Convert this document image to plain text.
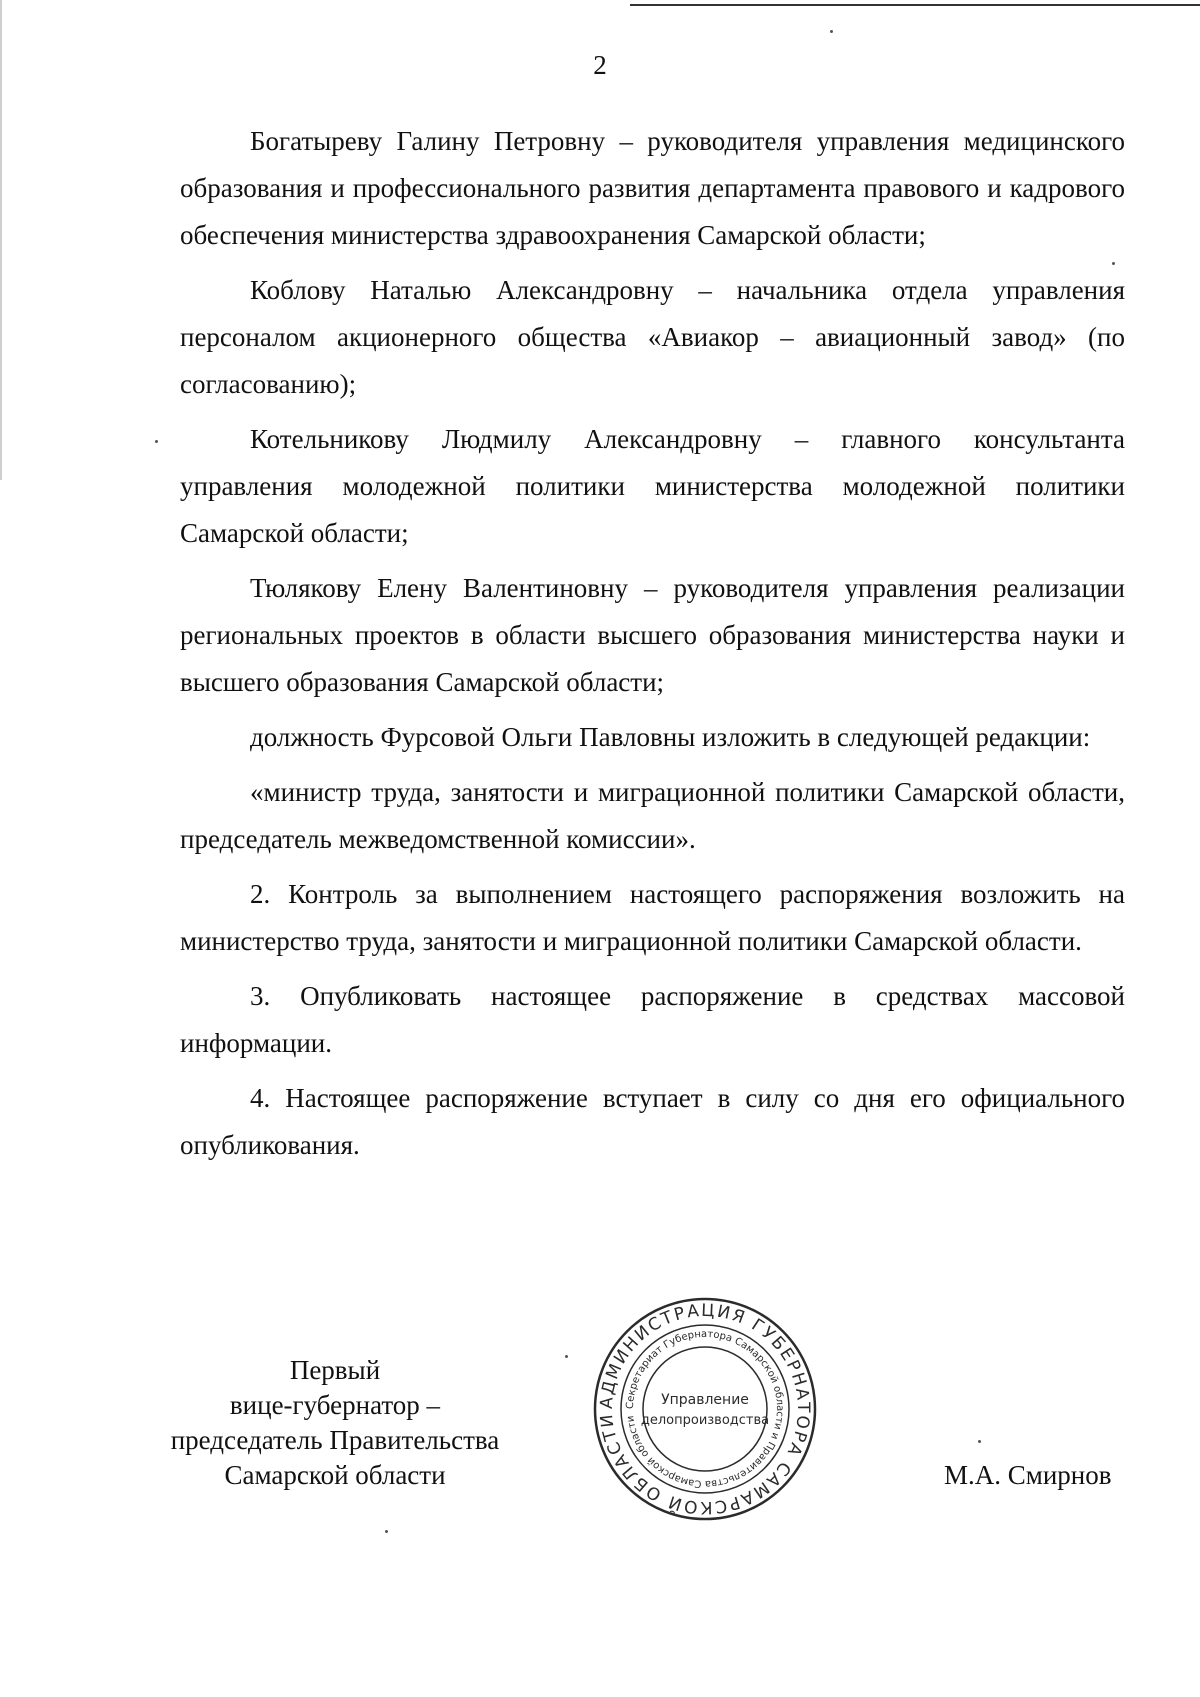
2

Богатыреву Галину Петровну – руководителя управления медицинского образования и профессионального развития департамента правового и кадрового обеспечения министерства здравоохранения Самарской области;

Коблову Наталью Александровну – начальника отдела управления персоналом акционерного общества «Авиакор – авиационный завод» (по согласованию);

Котельникову Людмилу Александровну – главного консультанта управления молодежной политики министерства молодежной политики Самарской области;

Тюлякову Елену Валентиновну – руководителя управления реализации региональных проектов в области высшего образования министерства науки и высшего образования Самарской области;

должность Фурсовой Ольги Павловны изложить в следующей редакции:

«министр труда, занятости и миграционной политики Самарской области, председатель межведомственной комиссии».

2. Контроль за выполнением настоящего распоряжения возложить на министерство труда, занятости и миграционной политики Самарской области.

3. Опубликовать настоящее распоряжение в средствах массовой информации.

4. Настоящее распоряжение вступает в силу со дня его официального опубликования.

Первый
вице-губернатор –
председатель Правительства
Самарской области
АДМИНИСТРАЦИЯ ГУБЕРНАТОРА САМАРСКОЙ ОБЛАСТИ
Секретариат Губернатора Самарской области и Правительства Самарской области
Управление
делопроизводства
М.А. Смирнов
